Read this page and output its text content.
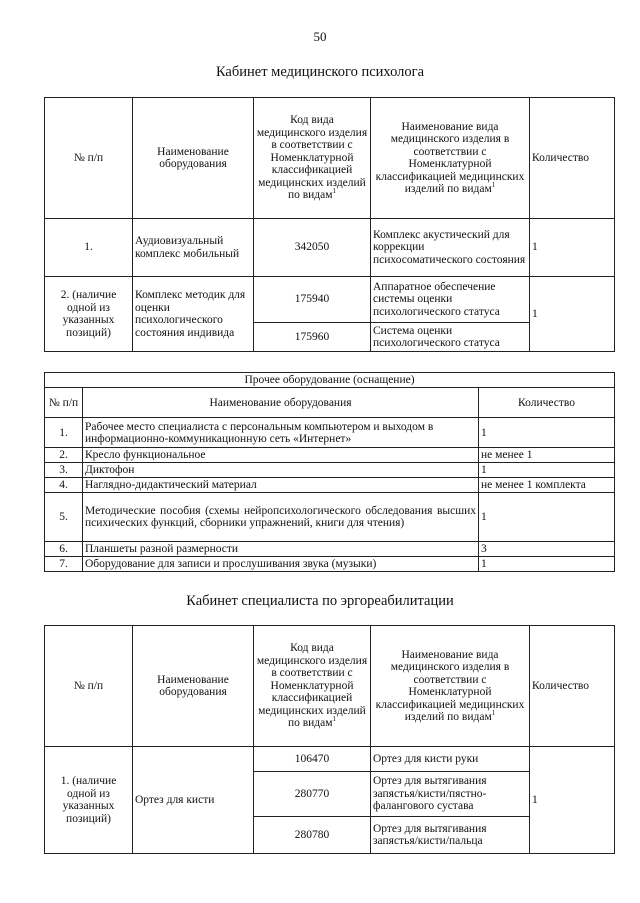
50
Кабинет медицинского психолога
№ п/п	Наименование оборудования	Код вида медицинского изделия в соответствии с Номенклатурной классификацией медицинских изделий по видам$^1$	Наименование вида медицинского изделия в соответствии с Номенклатурной классификацией медицинских изделий по видам$^1$	Количество
1.	Аудиовизуальный комплекс мобильный	342050	Комплекс акустический для коррекции психосоматического состояния	1
2. (наличие одной из указанных позиций)	Комплекс методик для оценки психологического состояния индивида	175940	Аппаратное обеспечение системы оценки психологического статуса	1
		175960	Система оценки психологического статуса	
Прочее оборудование (оснащение)		
№ п/п	Наименование оборудования	Количество
1.	Рабочее место специалиста с персональным компьютером и выходом в информационно-коммуникационную сеть «Интернет»	1
2.	Кресло функциональное	не менее 1
3.	Диктофон	1
4.	Наглядно-дидактический материал	не менее 1 комплекта
5.	Методические пособия (схемы нейропсихологического обследования высших психических функций, сборники упражнений, книги для чтения)	1
6.	Планшеты разной размерности	3
7.	Оборудование для записи и прослушивания звука (музыки)	1
Кабинет специалиста по эргореабилитации
№ п/п	Наименование оборудования	Код вида медицинского изделия в соответствии с Номенклатурной классификацией медицинских изделий по видам$^1$	Наименование вида медицинского изделия в соответствии с Номенклатурной классификацией медицинских изделий по видам$^1$	Количество
1. (наличие одной из указанных позиций)	Ортез для кисти	106470	Ортез для кисти руки	1
		280770	Ортез для вытягивания запястья/кисти/пястно-фалангового сустава	
		280780	Ортез для вытягивания запястья/кисти/пальца	
